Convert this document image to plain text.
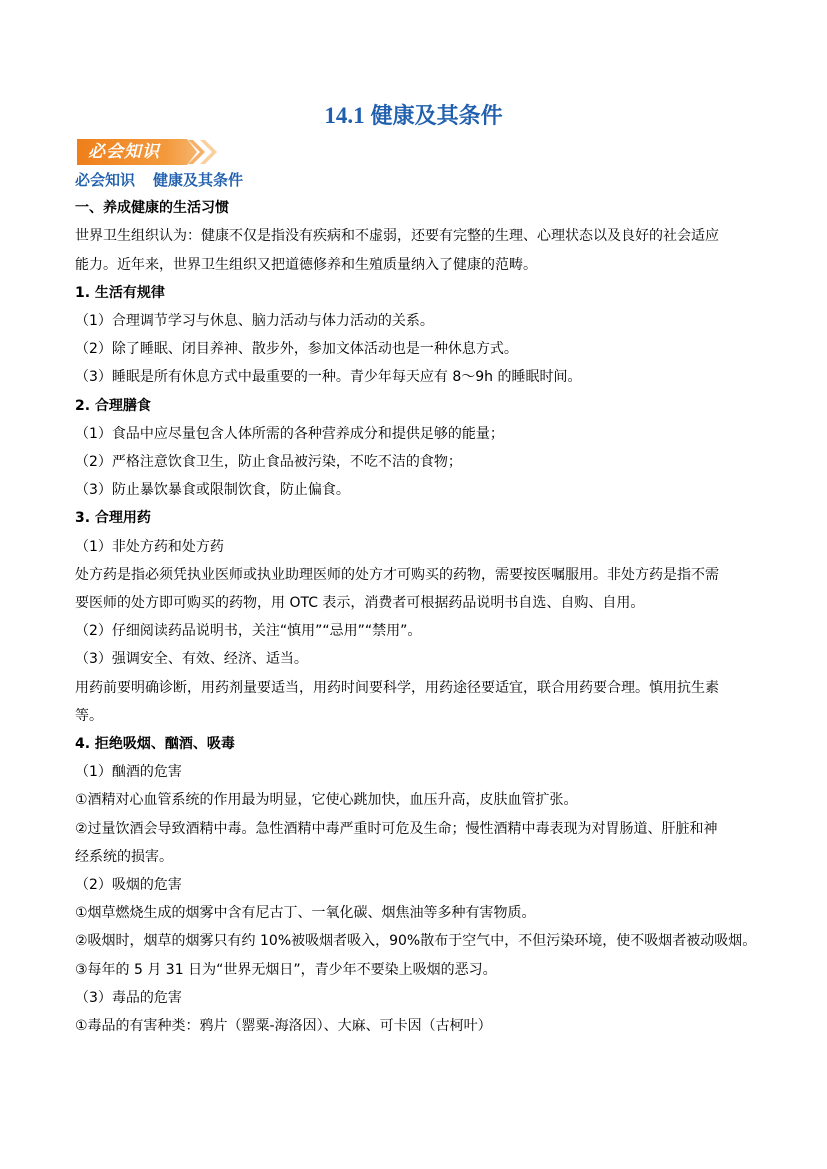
14.1 健康及其条件
必会知识

必会知识 健康及其条件

一、养成健康的生活习惯

世界卫生组织认为：健康不仅是指没有疾病和不虚弱，还要有完整的生理、心理状态以及良好的社会适应

能力。近年来，世界卫生组织又把道德修养和生殖质量纳入了健康的范畴。

1. 生活有规律

（1）合理调节学习与休息、脑力活动与体力活动的关系。

（2）除了睡眠、闭目养神、散步外，参加文体活动也是一种休息方式。

（3）睡眠是所有休息方式中最重要的一种。青少年每天应有 8～9h 的睡眠时间。

2. 合理膳食

（1）食品中应尽量包含人体所需的各种营养成分和提供足够的能量；

（2）严格注意饮食卫生，防止食品被污染，不吃不洁的食物；

（3）防止暴饮暴食或限制饮食，防止偏食。

3. 合理用药

（1）非处方药和处方药

处方药是指必须凭执业医师或执业助理医师的处方才可购买的药物，需要按医嘱服用。非处方药是指不需

要医师的处方即可购买的药物，用 OTC 表示，消费者可根据药品说明书自选、自购、自用。

（2）仔细阅读药品说明书，关注“慎用”“忌用”“禁用”。

（3）强调安全、有效、经济、适当。

用药前要明确诊断，用药剂量要适当，用药时间要科学，用药途径要适宜，联合用药要合理。慎用抗生素

等。

4. 拒绝吸烟、酗酒、吸毒

（1）酗酒的危害

①酒精对心血管系统的作用最为明显，它使心跳加快，血压升高，皮肤血管扩张。

②过量饮酒会导致酒精中毒。急性酒精中毒严重时可危及生命；慢性酒精中毒表现为对胃肠道、肝脏和神

经系统的损害。

（2）吸烟的危害

①烟草燃烧生成的烟雾中含有尼古丁、一氧化碳、烟焦油等多种有害物质。

②吸烟时，烟草的烟雾只有约 10%被吸烟者吸入，90%散布于空气中，不但污染环境，使不吸烟者被动吸烟。

③每年的 5 月 31 日为“世界无烟日”，青少年不要染上吸烟的恶习。

（3）毒品的危害

①毒品的有害种类：鸦片（罂粟-海洛因）、大麻、可卡因（古柯叶）
